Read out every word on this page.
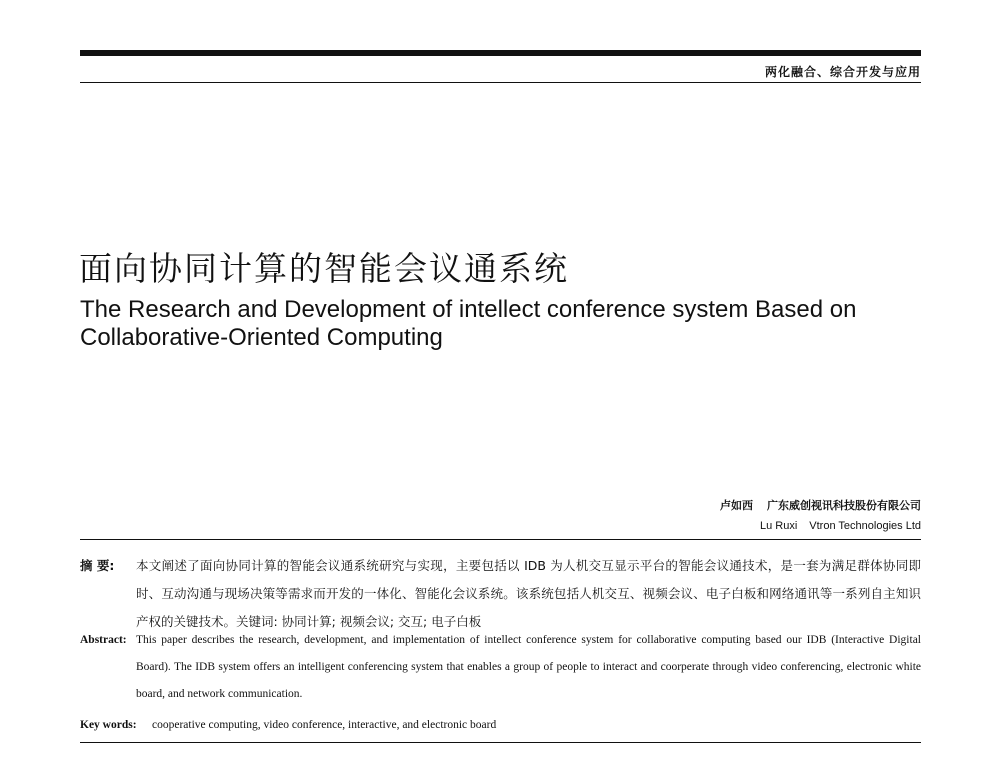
两化融合、综合开发与应用
面向协同计算的智能会议通系统
The Research and Development of intellect conference system Based on Collaborative-Oriented Computing
卢如西 广东威创视讯科技股份有限公司
Lu Ruxi Vtron Technologies Ltd
摘 要: 本文阐述了面向协同计算的智能会议通系统研究与实现，主要包括以 IDB 为人机交互显示平台的智能会议通技术，是一套为满足群体协同即时、互动沟通与现场决策等需求而开发的一体化、智能化会议系统。该系统包括人机交互、视频会议、电子白板和网络通讯等一系列自主知识产权的关键技术。关键词: 协同计算; 视频会议; 交互; 电子白板
Abstract: This paper describes the research, development, and implementation of intellect conference system for collaborative computing based our IDB (Interactive Digital Board). The IDB system offers an intelligent conferencing system that enables a group of people to interact and coorperate through video conferencing, electronic white board, and network communication.
Key words: cooperative computing, video conference, interactive, and electronic board
